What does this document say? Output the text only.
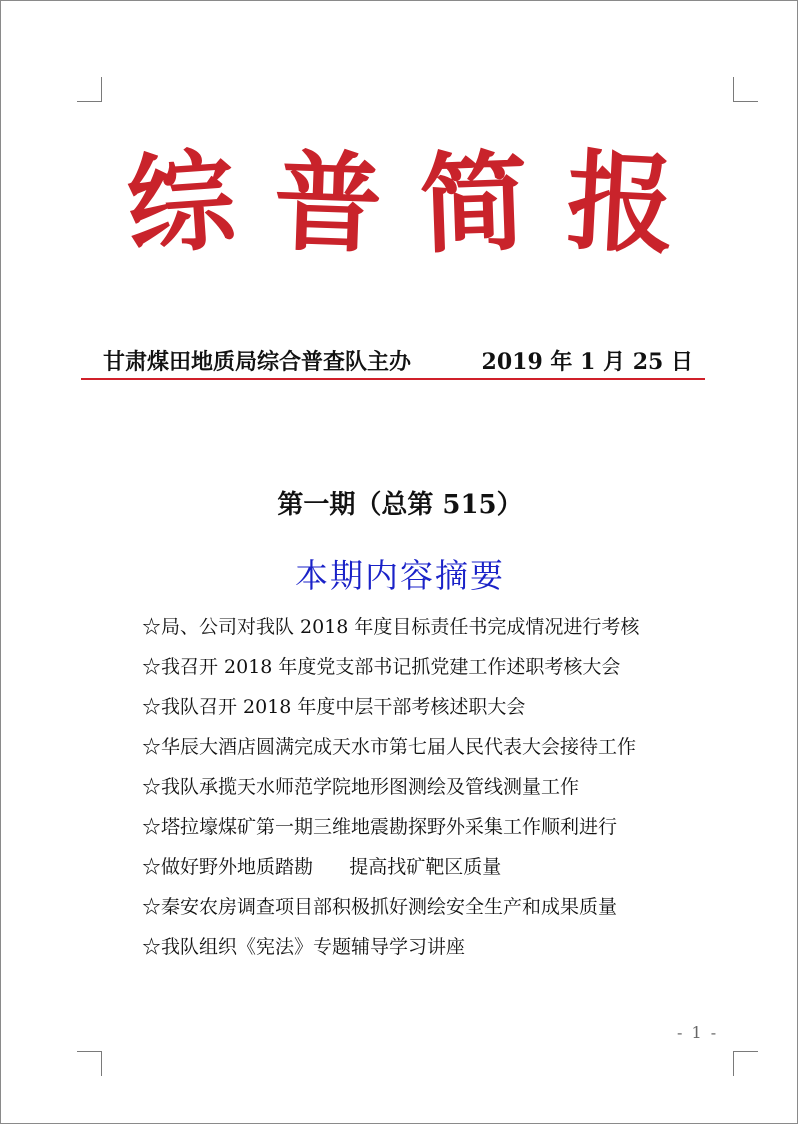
综 普 简 报
甘肃煤田地质局综合普查队主办	2019 年 1 月 25 日
第一期（总第 515）
本期内容摘要
☆局、公司对我队 2018 年度目标责任书完成情况进行考核
☆我召开 2018 年度党支部书记抓党建工作述职考核大会
☆我队召开 2018 年度中层干部考核述职大会
☆华辰大酒店圆满完成天水市第七届人民代表大会接待工作
☆我队承揽天水师范学院地形图测绘及管线测量工作
☆塔拉壕煤矿第一期三维地震勘探野外采集工作顺利进行
☆做好野外地质踏勘      提高找矿靶区质量
☆秦安农房调查项目部积极抓好测绘安全生产和成果质量
☆我队组织《宪法》专题辅导学习讲座
- 1 -
